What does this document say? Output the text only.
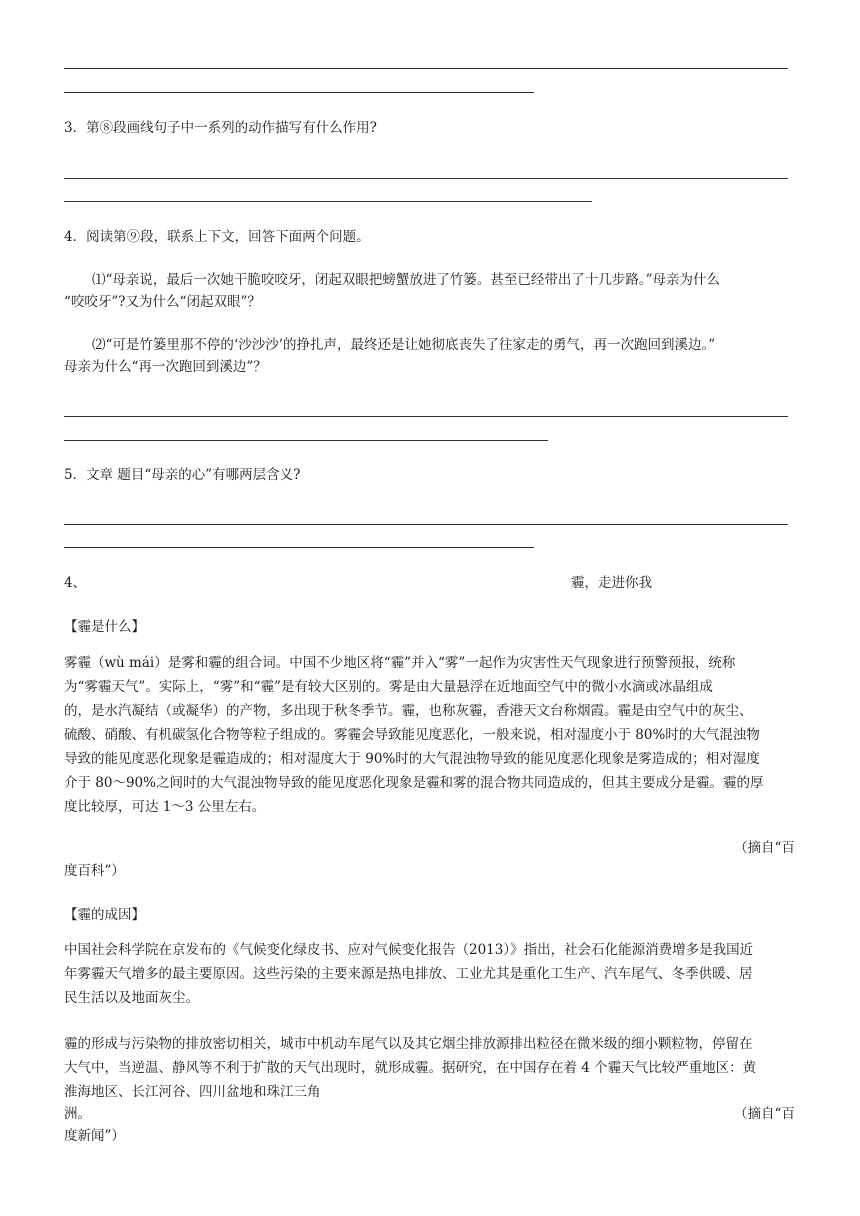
3．第⑧段画线句子中一系列的动作描写有什么作用?
4．阅读第⑨段，联系上下文，回答下面两个问题。
⑴“母亲说，最后一次她干脆咬咬牙，闭起双眼把螃蟹放进了竹篓。甚至已经带出了十几步路。”母亲为什么
“咬咬牙”?又为什么“闭起双眼”？
⑵“可是竹篓里那不停的‘沙沙沙’的挣扎声，最终还是让她彻底丧失了往家走的勇气，再一次跑回到溪边。”
母亲为什么“再一次跑回到溪边”？
5．文章 题目“母亲的心”有哪两层含义?
4、	霾，走进你我
【霾是什么】
雾霾（wù mái）是雾和霾的组合词。中国不少地区将“霾”并入“雾”一起作为灾害性天气现象进行预警预报，统称
为“雾霾天气”。实际上，“雾”和“霾”是有较大区别的。雾是由大量悬浮在近地面空气中的微小水滴或冰晶组成
的，是水汽凝结（或凝华）的产物，多出现于秋冬季节。霾，也称灰霾，香港天文台称烟霞。霾是由空气中的灰尘、
硫酸、硝酸、有机碳氢化合物等粒子组成的。雾霾会导致能见度恶化，一般来说，相对湿度小于 80%时的大气混浊物
导致的能见度恶化现象是霾造成的；相对湿度大于 90%时的大气混浊物导致的能见度恶化现象是雾造成的；相对湿度
介于 80～90%之间时的大气混浊物导致的能见度恶化现象是霾和雾的混合物共同造成的，但其主要成分是霾。霾的厚
度比较厚，可达 1～3 公里左右。
（摘自“百
度百科”）
【霾的成因】
中国社会科学院在京发布的《气候变化绿皮书、应对气候变化报告（2013）》指出，社会石化能源消费增多是我国近
年雾霾天气增多的最主要原因。这些污染的主要来源是热电排放、工业尤其是重化工生产、汽车尾气、冬季供暖、居
民生活以及地面灰尘。
霾的形成与污染物的排放密切相关，城市中机动车尾气以及其它烟尘排放源排出粒径在微米级的细小颗粒物，停留在
大气中，当逆温、静风等不利于扩散的天气出现时，就形成霾。据研究，在中国存在着 4 个霾天气比较严重地区：黄
淮海地区、长江河谷、四川盆地和珠江三角
洲。	（摘自“百
度新闻”）
